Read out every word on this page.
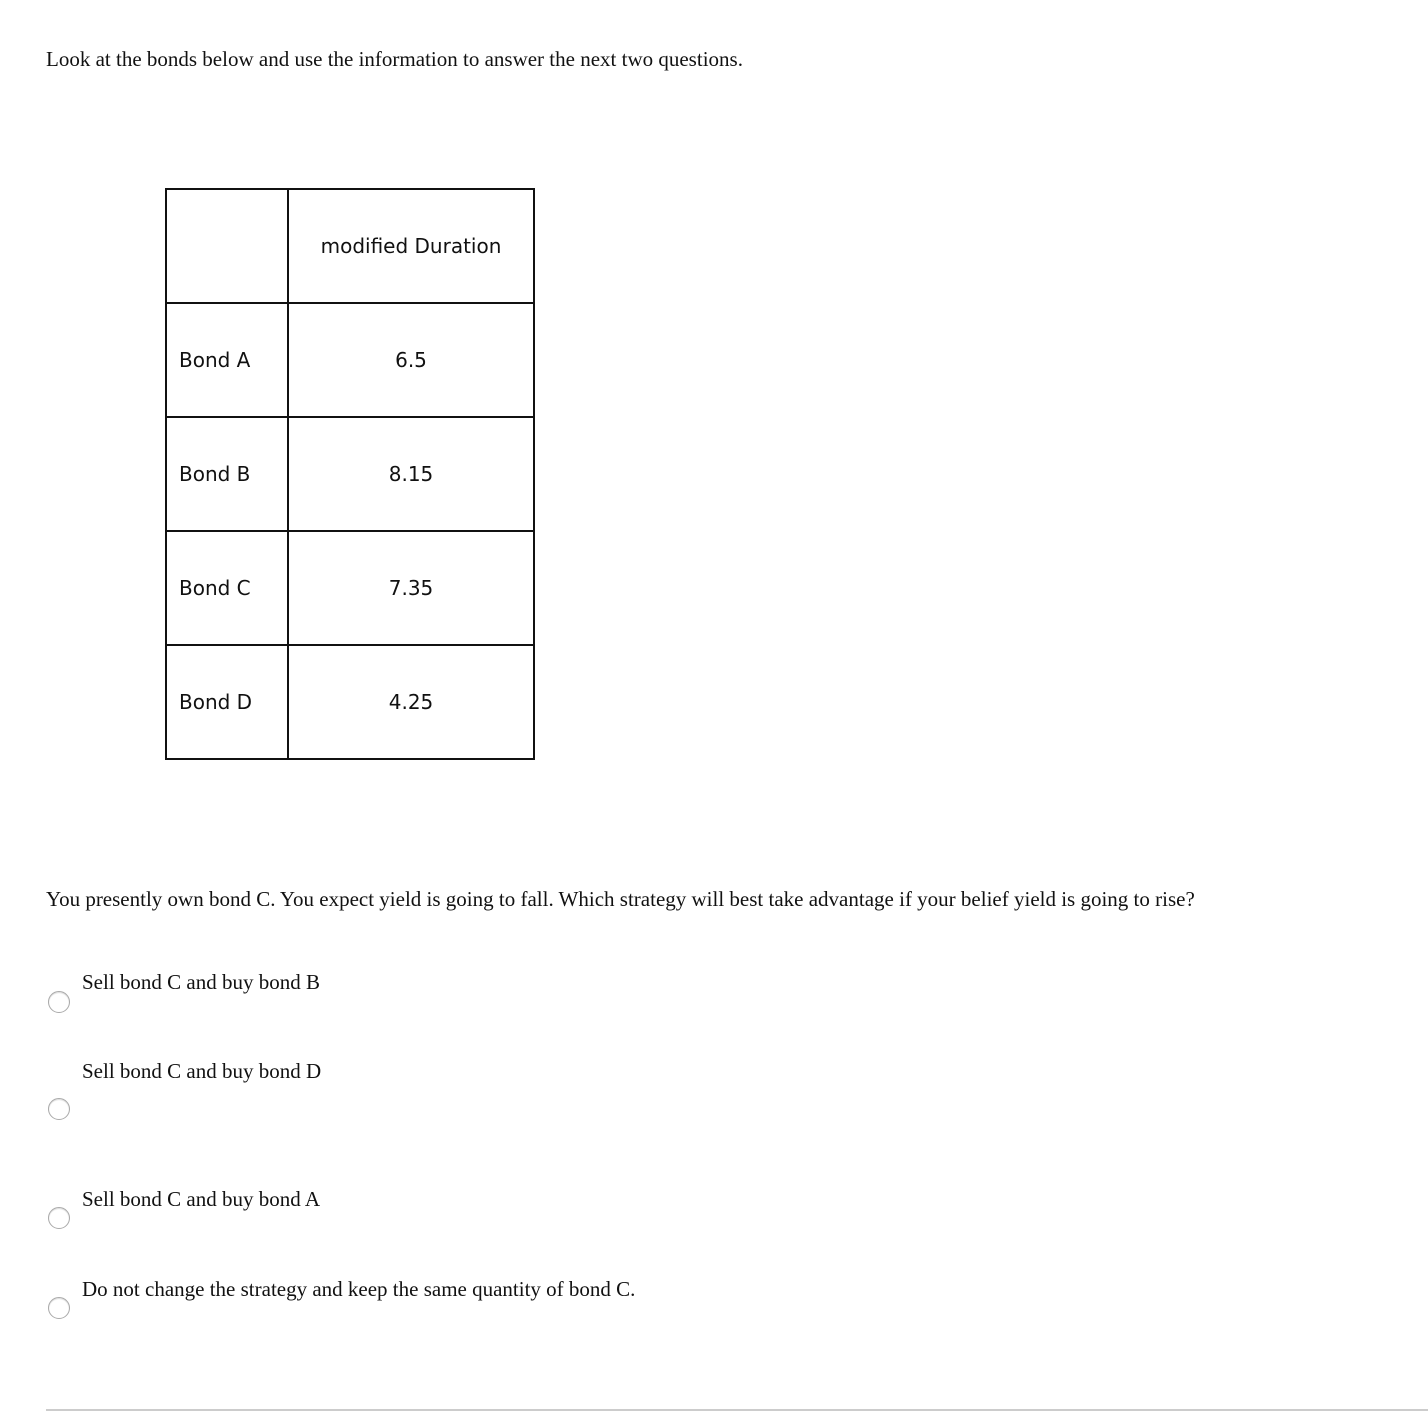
Look at the bonds below and use the information to answer the next two questions.
	modified Duration
Bond A	6.5
Bond B	8.15
Bond C	7.35
Bond D	4.25
You presently own bond C. You expect yield is going to fall. Which strategy will best take advantage if your belief yield is going to rise?
Sell bond C and buy bond B
Sell bond C and buy bond D
Sell bond C and buy bond A
Do not change the strategy and keep the same quantity of bond C.
